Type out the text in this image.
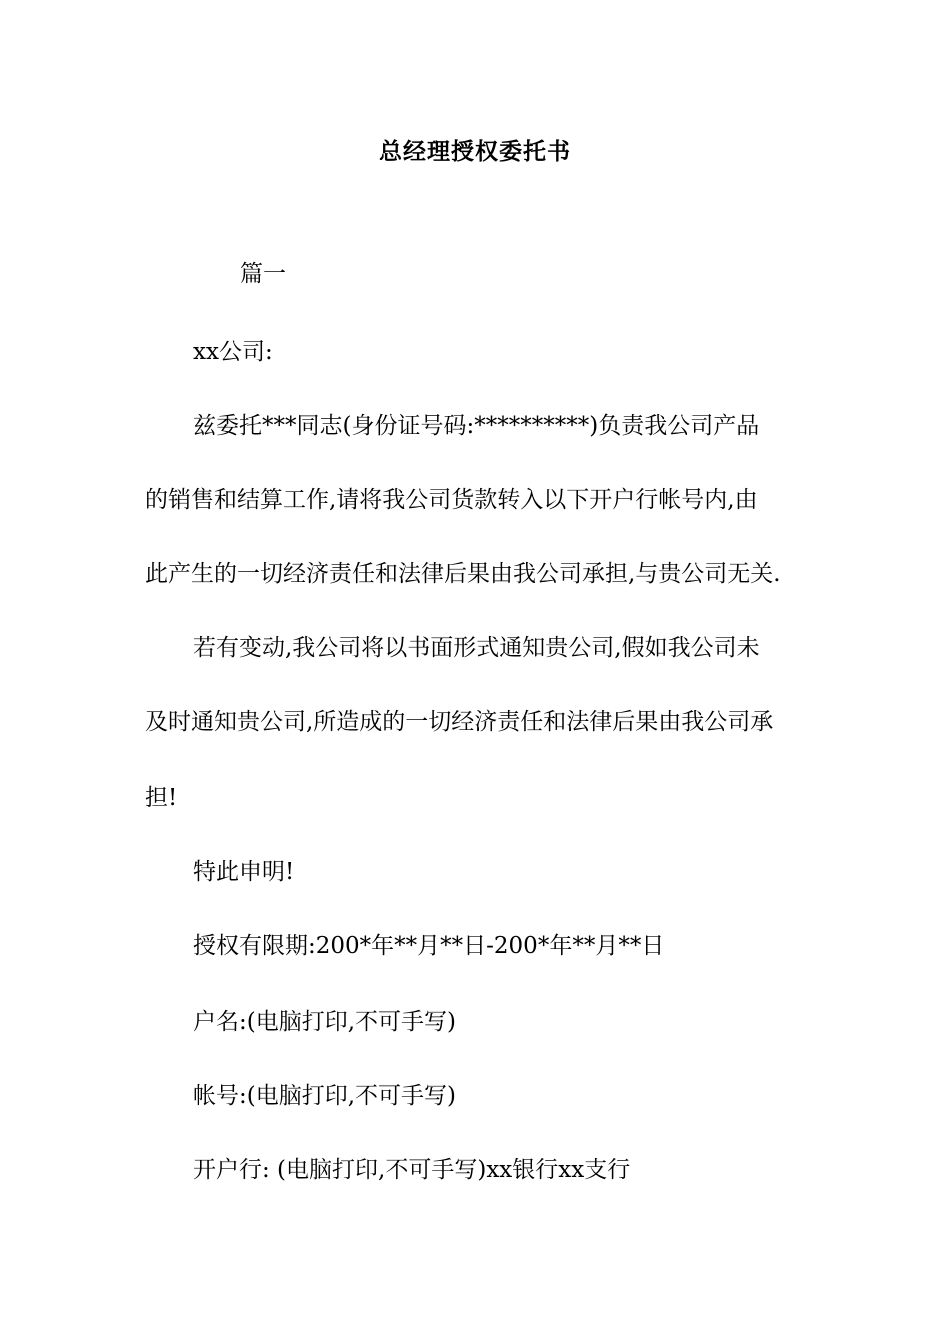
总经理授权委托书
篇一
xx公司:
兹委托***同志(身份证号码:**********)负责我公司产品
的销售和结算工作,请将我公司货款转入以下开户行帐号内,由
此产生的一切经济责任和法律后果由我公司承担,与贵公司无关.
若有变动,我公司将以书面形式通知贵公司,假如我公司未
及时通知贵公司,所造成的一切经济责任和法律后果由我公司承
担!
特此申明!
授权有限期:200*年**月**日-200*年**月**日
户名:(电脑打印,不可手写)
帐号:(电脑打印,不可手写)
开户行: (电脑打印,不可手写)xx银行xx支行
